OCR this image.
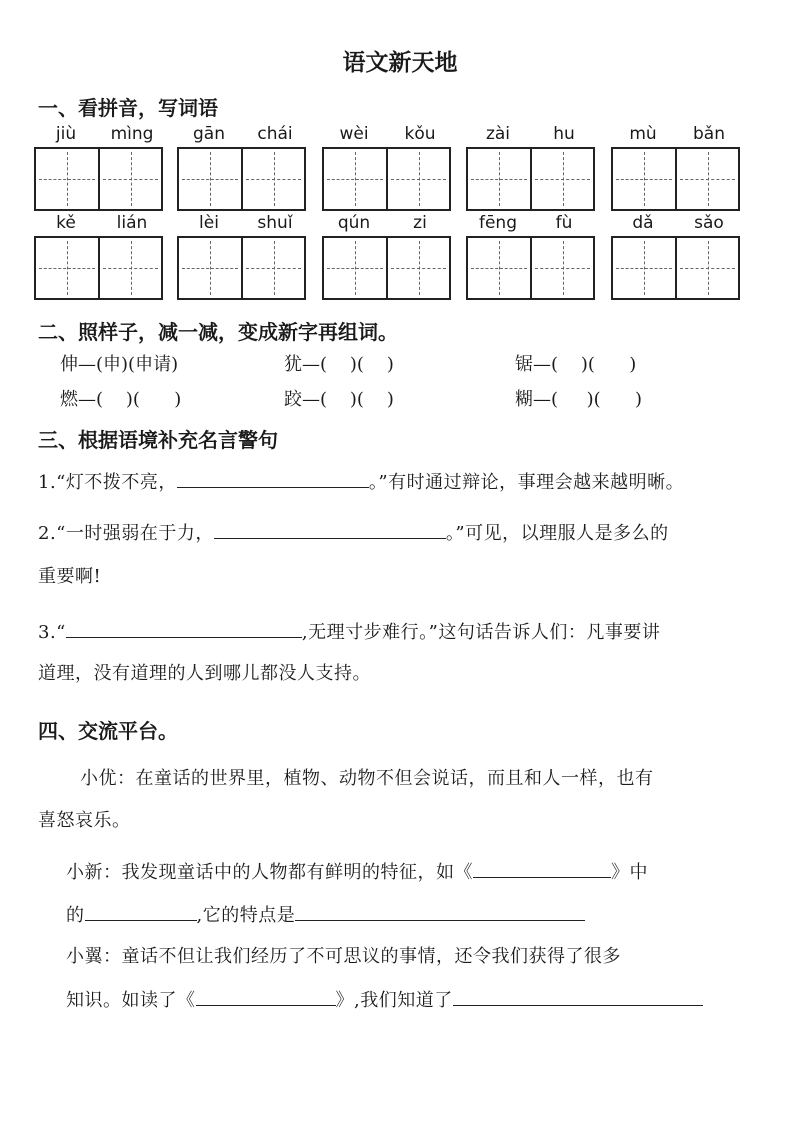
语文新天地
一、看拼音，写词语
jiù	mìng	gān	chái	wèi	kǒu	zài	hu	mù	bǎn
kě	lián	lèi	shuǐ	qún	zi	fēng	fù	dǎ	sǎo
二、照样子，减一减，变成新字再组词。
伸—(申)(申请)	犹—(    )(    )	锯—(    )(      )
燃—(    )(      )	跤—(    )(    )	糊—(     )(      )
三、根据语境补充名言警句
1.“灯不拨不亮，	。”有时通过辩论，事理会越来越明晰。
2.“一时强弱在于力，	。”可见，以理服人是多么的
重要啊!
3.“	,无理寸步难行。”这句话告诉人们：凡事要讲
道理，没有道理的人到哪儿都没人支持。
四、交流平台。
小优：在童话的世界里，植物、动物不但会说话，而且和人一样，也有
喜怒哀乐。
小新：我发现童话中的人物都有鲜明的特征，如《	》中
的	,它的特点是
小翼：童话不但让我们经历了不可思议的事情，还令我们获得了很多
知识。如读了《	》,我们知道了
